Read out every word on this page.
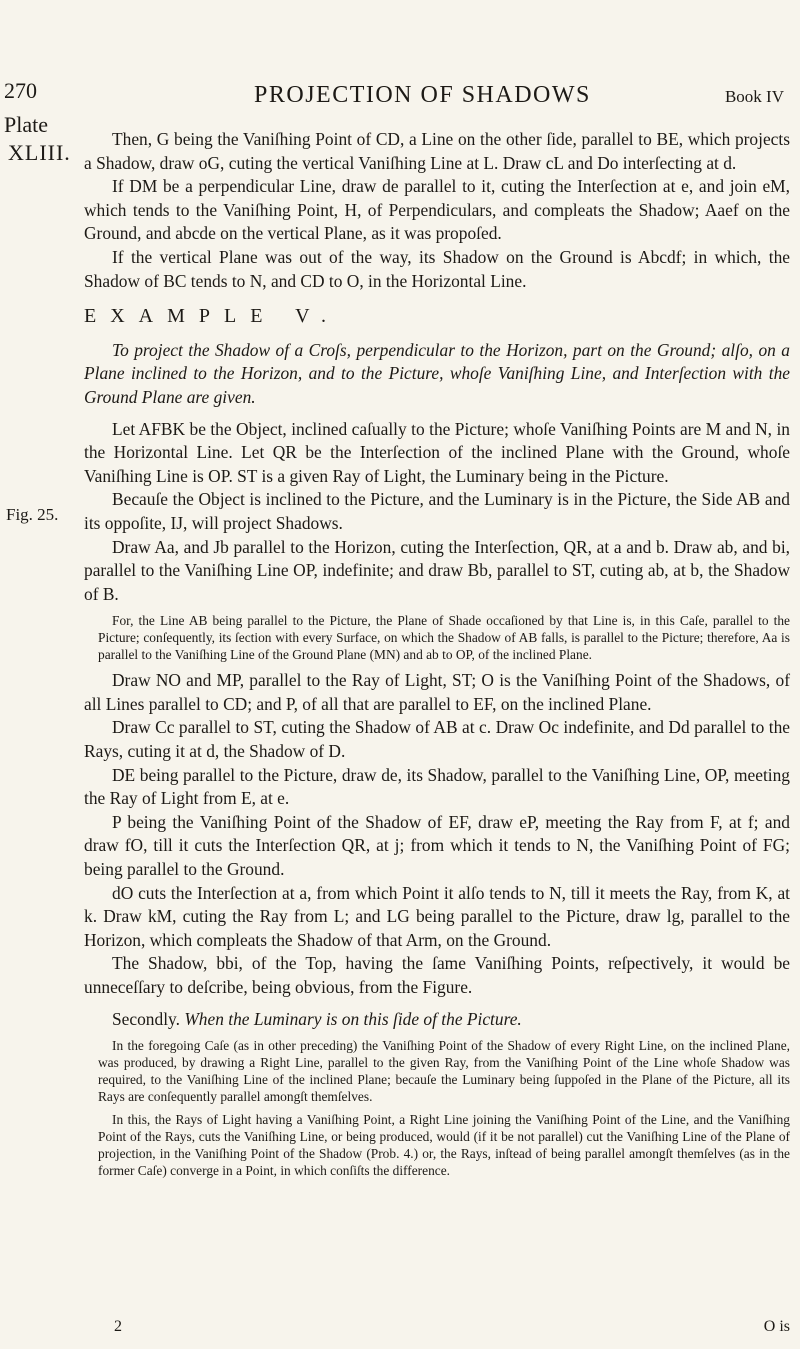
270
Plate
XLIII.
Fig. 25.
PROJECTION OF SHADOWS	Book IV

Then, G being the Vaniſhing Point of CD, a Line on the other ſide, parallel to BE, which projects a Shadow, draw oG, cuting the vertical Vaniſhing Line at L. Draw cL and Do interſecting at d.

If DM be a perpendicular Line, draw de parallel to it, cuting the Interſection at e, and join eM, which tends to the Vaniſhing Point, H, of Perpendiculars, and compleats the Shadow; Aaef on the Ground, and abcde on the vertical Plane, as it was propoſed.

If the vertical Plane was out of the way, its Shadow on the Ground is Abcdf; in which, the Shadow of BC tends to N, and CD to O, in the Horizontal Line.

EXAMPLE V.

To project the Shadow of a Croſs, perpendicular to the Horizon, part on the Ground; alſo, on a Plane inclined to the Horizon, and to the Picture, whoſe Vaniſhing Line, and Interſection with the Ground Plane are given.

Let AFBK be the Object, inclined caſually to the Picture; whoſe Vaniſhing Points are M and N, in the Horizontal Line. Let QR be the Interſection of the inclined Plane with the Ground, whoſe Vaniſhing Line is OP. ST is a given Ray of Light, the Luminary being in the Picture.

Becauſe the Object is inclined to the Picture, and the Luminary is in the Picture, the Side AB and its oppoſite, IJ, will project Shadows.

Draw Aa, and Jb parallel to the Horizon, cuting the Interſection, QR, at a and b. Draw ab, and bi, parallel to the Vaniſhing Line OP, indefinite; and draw Bb, parallel to ST, cuting ab, at b, the Shadow of B.

For, the Line AB being parallel to the Picture, the Plane of Shade occaſioned by that Line is, in this Caſe, parallel to the Picture; conſequently, its ſection with every Surface, on which the Shadow of AB falls, is parallel to the Picture; therefore, Aa is parallel to the Vaniſhing Line of the Ground Plane (MN) and ab to OP, of the inclined Plane.

Draw NO and MP, parallel to the Ray of Light, ST; O is the Vaniſhing Point of the Shadows, of all Lines parallel to CD; and P, of all that are parallel to EF, on the inclined Plane.

Draw Cc parallel to ST, cuting the Shadow of AB at c. Draw Oc indefinite, and Dd parallel to the Rays, cuting it at d, the Shadow of D.

DE being parallel to the Picture, draw de, its Shadow, parallel to the Vaniſhing Line, OP, meeting the Ray of Light from E, at e.

P being the Vaniſhing Point of the Shadow of EF, draw eP, meeting the Ray from F, at f; and draw fO, till it cuts the Interſection QR, at j; from which it tends to N, the Vaniſhing Point of FG; being parallel to the Ground.

dO cuts the Interſection at a, from which Point it alſo tends to N, till it meets the Ray, from K, at k. Draw kM, cuting the Ray from L; and LG being parallel to the Picture, draw lg, parallel to the Horizon, which compleats the Shadow of that Arm, on the Ground.

The Shadow, bbi, of the Top, having the ſame Vaniſhing Points, reſpectively, it would be unneceſſary to deſcribe, being obvious, from the Figure.

Secondly. When the Luminary is on this ſide of the Picture.

In the foregoing Caſe (as in other preceding) the Vaniſhing Point of the Shadow of every Right Line, on the inclined Plane, was produced, by drawing a Right Line, parallel to the given Ray, from the Vaniſhing Point of the Line whoſe Shadow was required, to the Vaniſhing Line of the inclined Plane; becauſe the Luminary being ſuppoſed in the Plane of the Picture, all its Rays are conſequently parallel amongſt themſelves.

In this, the Rays of Light having a Vaniſhing Point, a Right Line joining the Vaniſhing Point of the Line, and the Vaniſhing Point of the Rays, cuts the Vaniſhing Line, or being produced, would (if it be not parallel) cut the Vaniſhing Line of the Plane of projection, in the Vaniſhing Point of the Shadow (Prob. 4.) or, the Rays, inſtead of being parallel amongſt themſelves (as in the former Caſe) converge in a Point, in which conſiſts the difference.

2	O is
